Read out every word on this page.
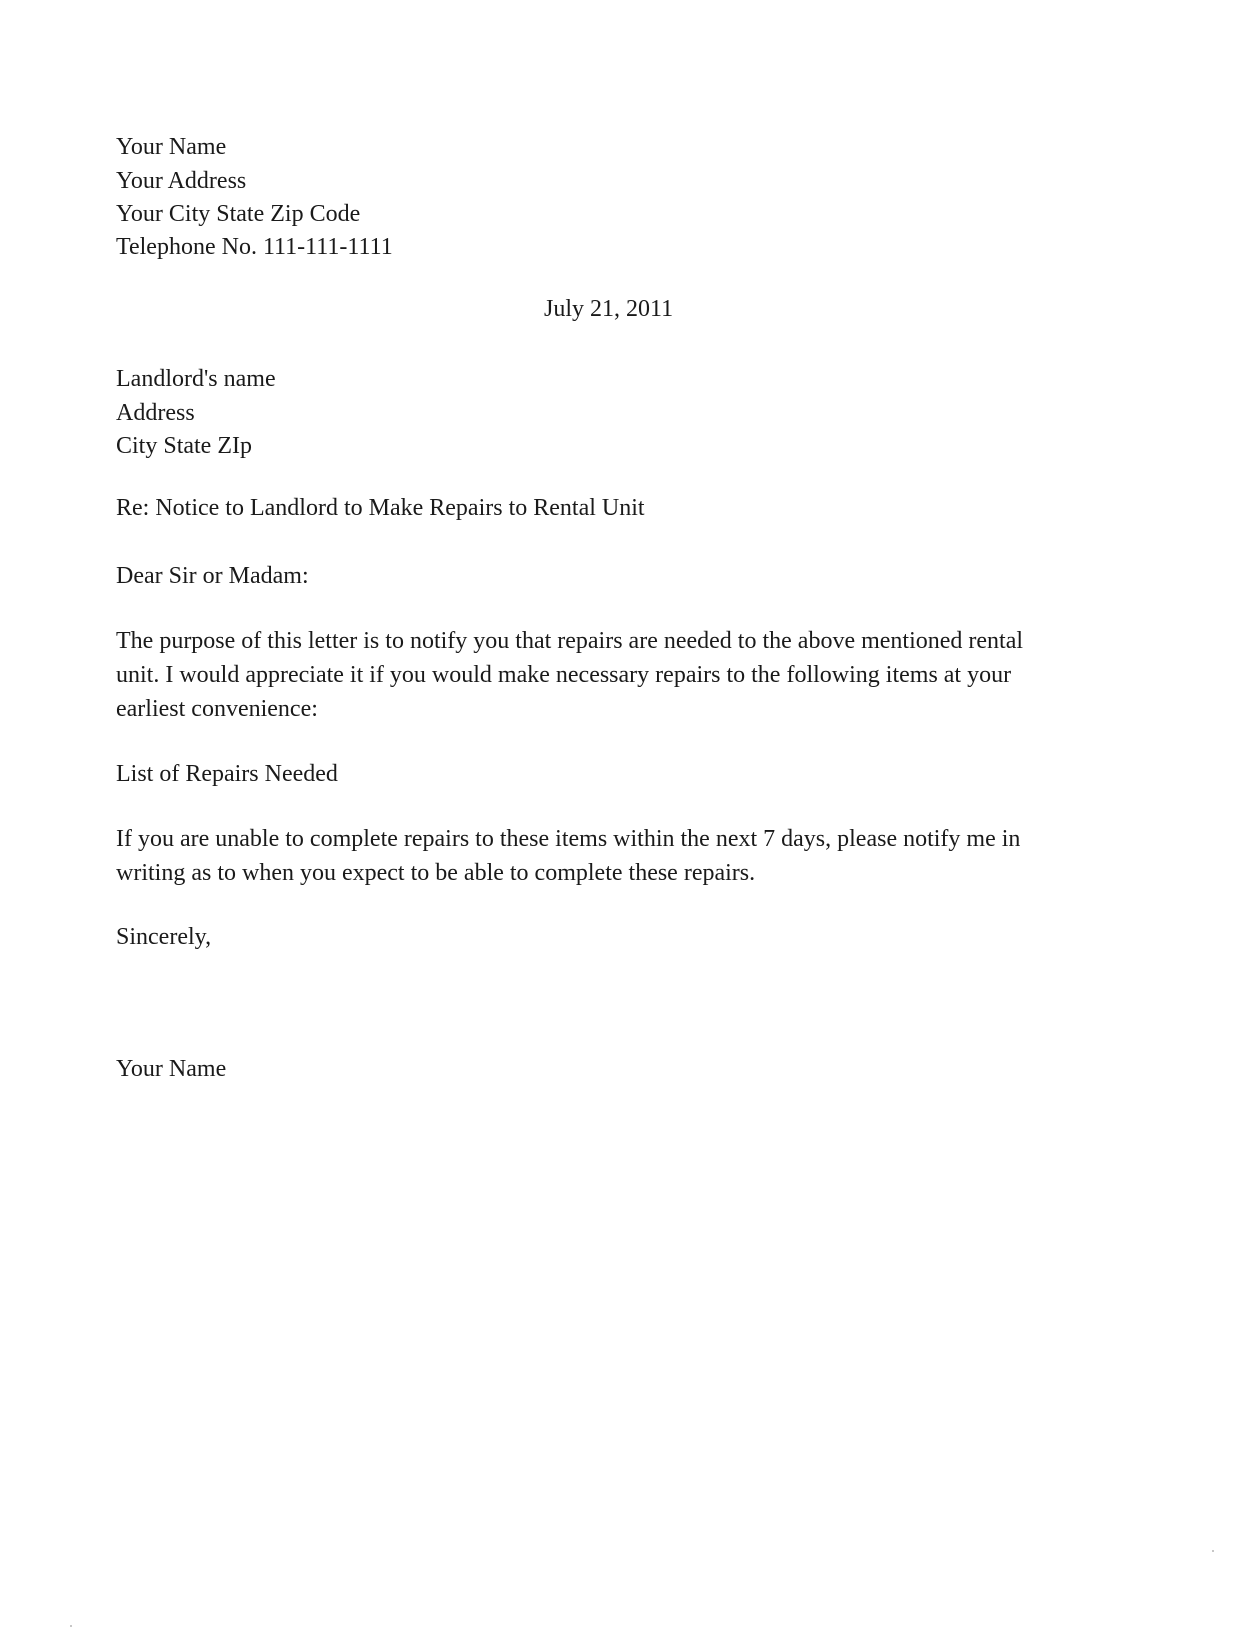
Your Name
Your Address
Your City State Zip Code
Telephone No. 111-111-1111
July 21, 2011
Landlord's name
Address
City State ZIp
Re: Notice to Landlord to Make Repairs to Rental Unit
Dear Sir or Madam:
The purpose of this letter is to notify you that repairs are needed to the above mentioned rental
unit. I would appreciate it if you would make necessary repairs to the following items at your
earliest convenience:
List of Repairs Needed
If you are unable to complete repairs to these items within the next 7 days, please notify me in
writing as to when you expect to be able to complete these repairs.
Sincerely,
Your Name
